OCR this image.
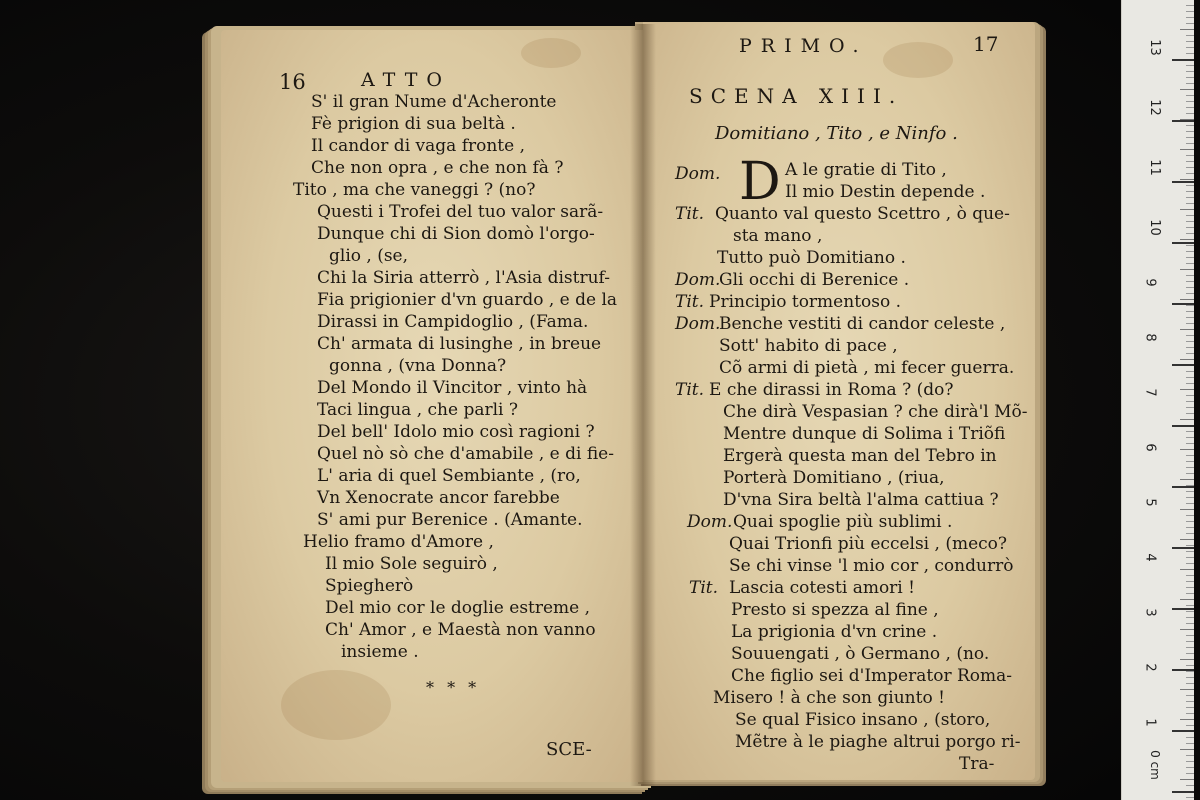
16	ATTO
S' il gran Nume d'Acheronte
Fè prigion di sua beltà .
Il candor di vaga fronte ,
Che non opra , e che non fà ?
Tito , ma che vaneggi ? (no?
Questi i Trofei del tuo valor sarã-
Dunque chi di Sion domò l'orgo-
glio , (se,
Chi la Siria atterrò , l'Asia distruf-
Fia prigionier d'vn guardo , e de la
Dirassi in Campidoglio , (Fama.
Ch' armata di lusinghe , in breue
gonna , (vna Donna?
Del Mondo il Vincitor , vinto hà
Taci lingua , che parli ?
Del bell' Idolo mio così ragioni ?
Quel nò sò che d'amabile , e di fie-
L' aria di quel Sembiante , (ro,
Vn Xenocrate ancor farebbe
S' ami pur Berenice . (Amante.
Helio framo d'Amore ,
Il mio Sole seguirò ,
Spiegherò
Del mio cor le doglie estreme ,
Ch' Amor , e Maestà non vanno
insieme .
* * *
SCE-
PRIMO.	17
SCENA XIII.
Domitiano , Tito , e Ninfo .
D
Dom.	A le gratie di Tito ,
Il mio Destin depende .
Tit. Quanto val questo Scettro , ò que-
sta mano ,
Tutto può Domitiano .
Dom.
Gli occhi di Berenice .
Tit. Principio tormentoso .
Dom.
Benche vestiti di candor celeste ,
Sott' habito di pace ,
Cõ armi di pietà , mi fecer guerra.
Tit. E che dirassi in Roma ? (do?
Che dirà Vespasian ? che dirà'l Mõ-
Mentre dunque di Solima i Triõfi
Ergerà questa man del Tebro in
Porterà Domitiano , (riua,
D'vna Sira beltà l'alma cattiua ?
Dom. Quai spoglie più sublimi .
Quai Trionfi più eccelsi , (meco?
Se chi vinse 'l mio cor , condurrò
Tit. Lascia cotesti amori !
Presto si spezza al fine ,
La prigionia d'vn crine .
Souuengati , ò Germano , (no.
Che figlio sei d'Imperator Roma-
Misero ! à che son giunto !
Se qual Fisico insano , (storo,
Mẽtre à le piaghe altrui porgo ri-
Tra-
1
2
3
4
5
6
7
8
9
10
11
12
13
0 cm
